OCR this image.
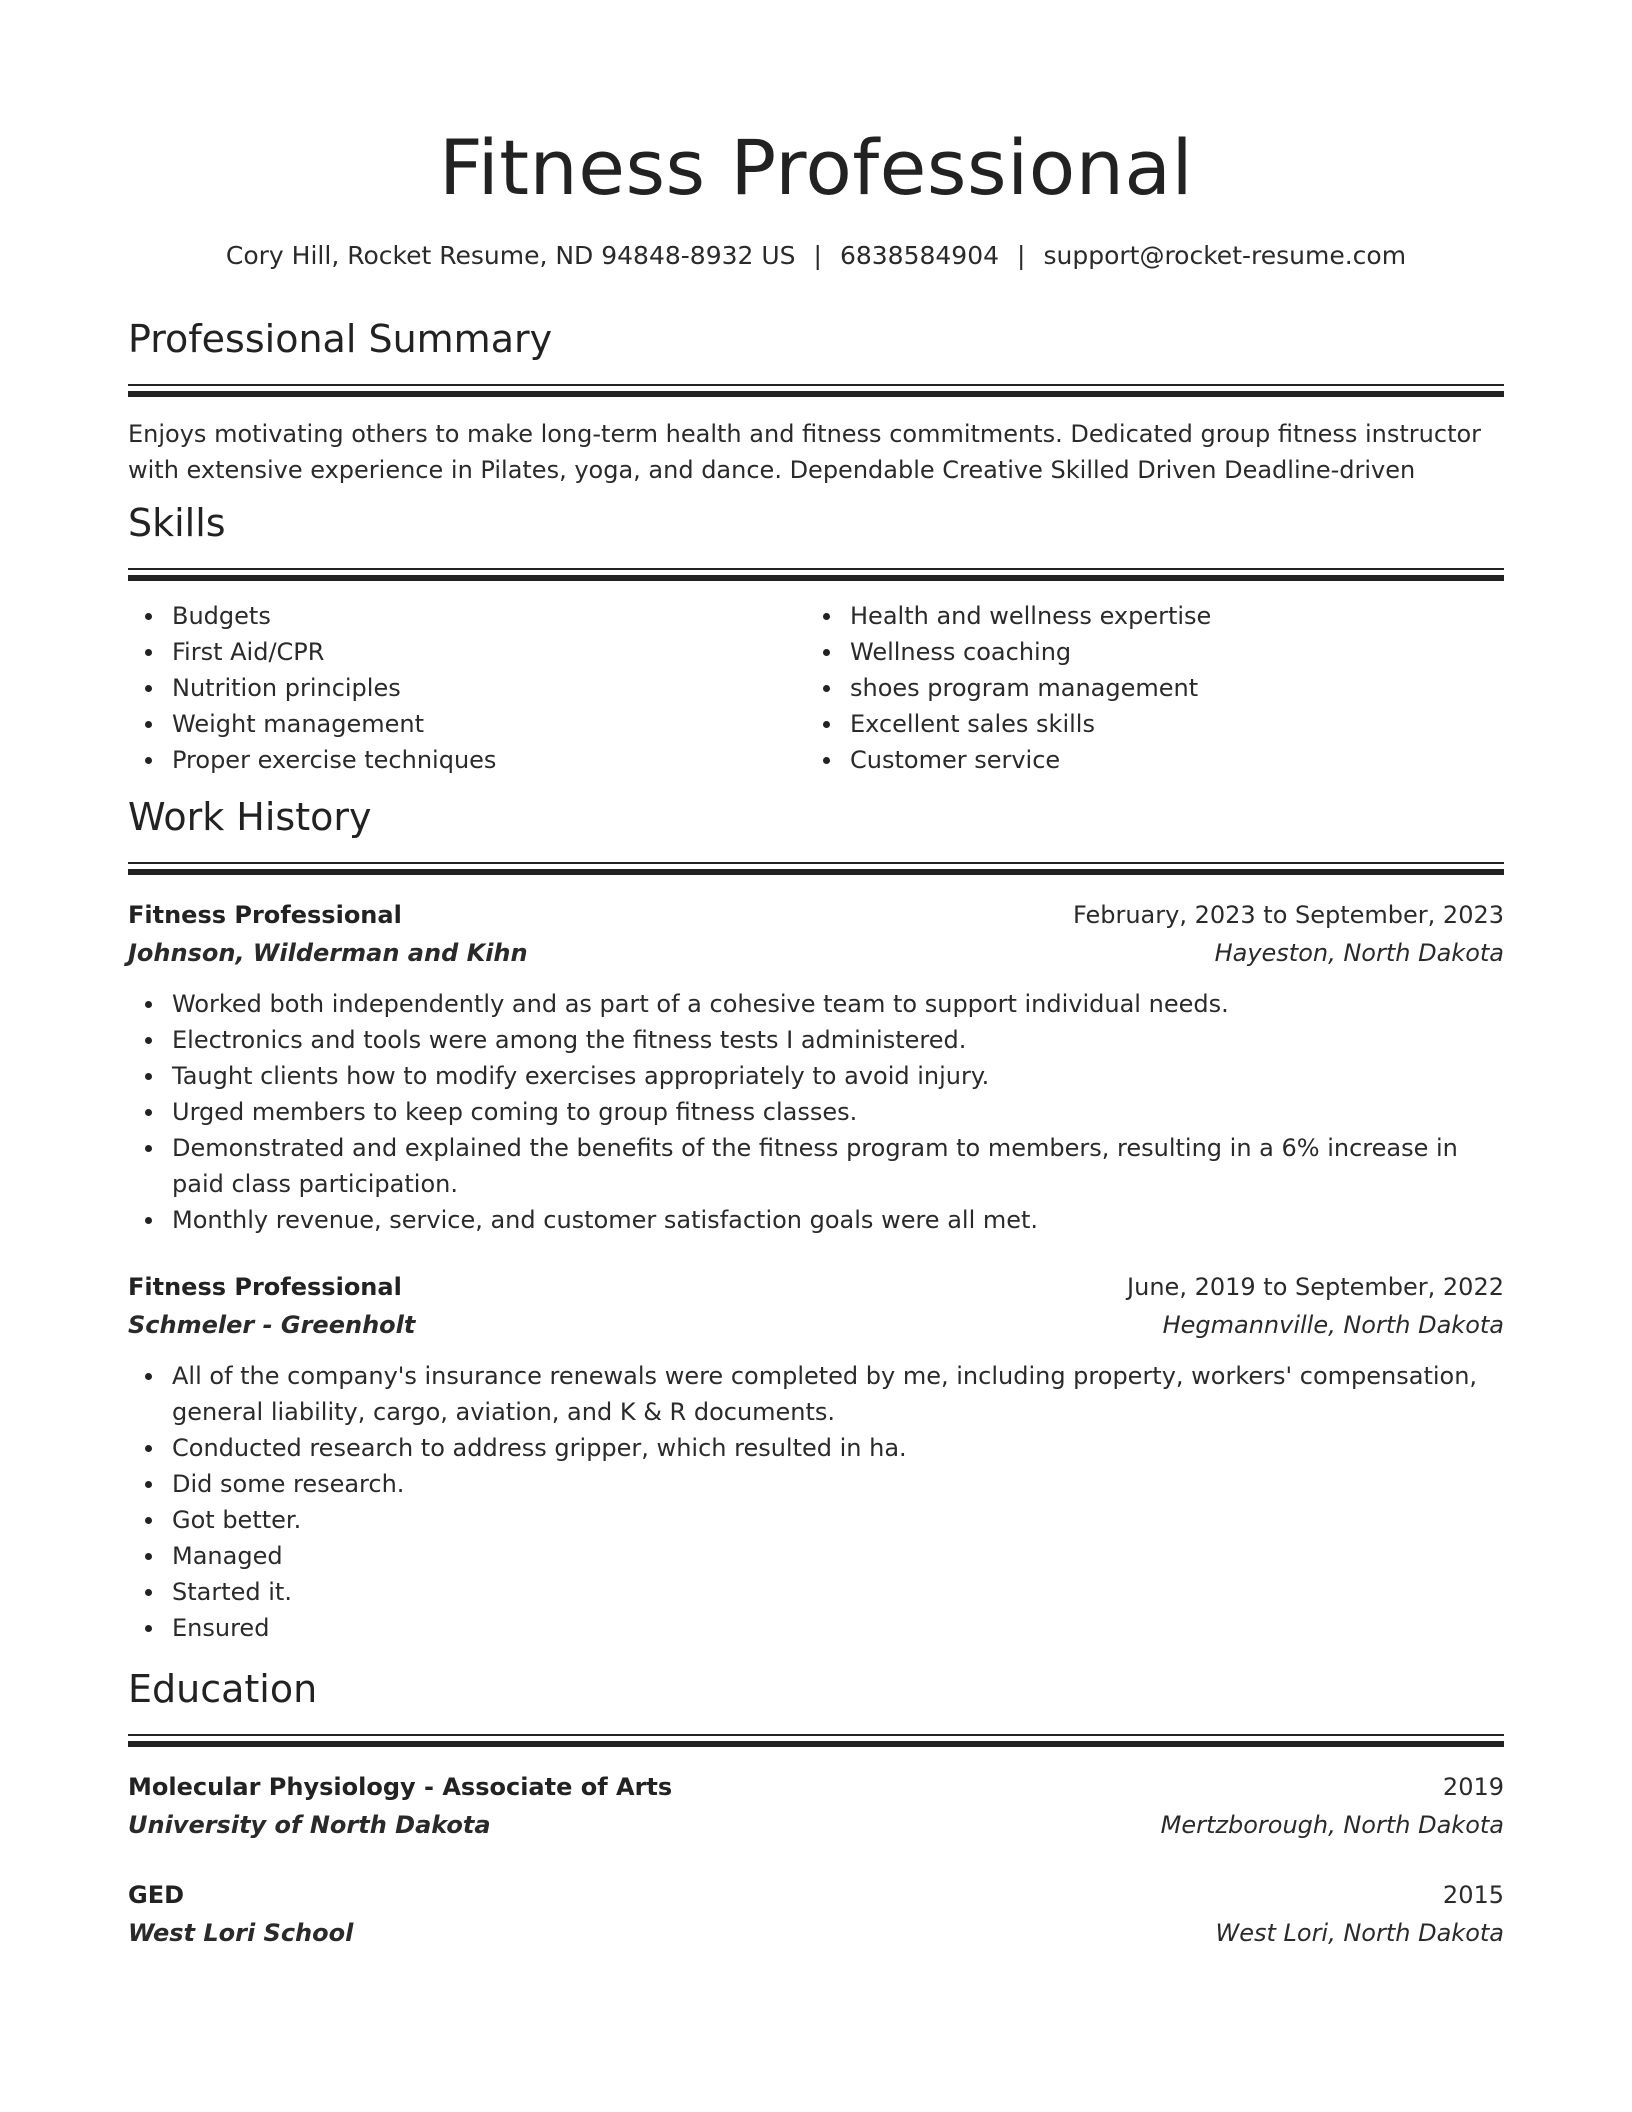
Fitness Professional
Cory Hill, Rocket Resume, ND 94848-8932 US | 6838584904 | support@rocket-resume.com
Professional Summary
Enjoys motivating others to make long-term health and fitness commitments. Dedicated group fitness instructor with extensive experience in Pilates, yoga, and dance. Dependable Creative Skilled Driven Deadline-driven
Skills
Budgets
First Aid/CPR
Nutrition principles
Weight management
Proper exercise techniques
Health and wellness expertise
Wellness coaching
shoes program management
Excellent sales skills
Customer service
Work History
Fitness Professional	February, 2023 to September, 2023
Johnson, Wilderman and Kihn	Hayeston, North Dakota
Worked both independently and as part of a cohesive team to support individual needs.
Electronics and tools were among the fitness tests I administered.
Taught clients how to modify exercises appropriately to avoid injury.
Urged members to keep coming to group fitness classes.
Demonstrated and explained the benefits of the fitness program to members, resulting in a 6% increase in paid class participation.
Monthly revenue, service, and customer satisfaction goals were all met.
Fitness Professional	June, 2019 to September, 2022
Schmeler - Greenholt	Hegmannville, North Dakota
All of the company's insurance renewals were completed by me, including property, workers' compensation, general liability, cargo, aviation, and K & R documents.
Conducted research to address gripper, which resulted in ha.
Did some research.
Got better.
Managed
Started it.
Ensured
Education
Molecular Physiology - Associate of Arts	2019
University of North Dakota	Mertzborough, North Dakota
GED	2015
West Lori School	West Lori, North Dakota
